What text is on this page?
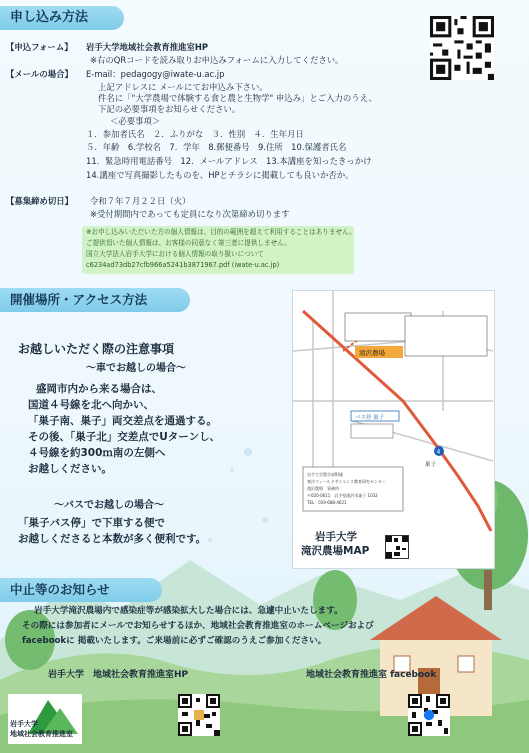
申し込み方法
【申込フォーム】 岩手大学地域社会教育推進室HP
※右のQRコードを読み取りお申込みフォームに入力してください。
【メールの場合】 E-mail：pedagogy@iwate-u.ac.jp
上記アドレスに メールにてお申込み下さい。
件名に「"大学農場で体験する食と農と生物学" 申込み」とご入力のうえ、
下記の必要事項をお知らせください。
＜必要事項＞
１．参加者氏名　２．ふりがな　３．性別　４．生年月日
５．年齢　6.学校名　7．学年　8.郵便番号　9.住所　10.保護者氏名
11．緊急時用電話番号　12．メールアドレス　13.本講座を知ったきっかけ
14.講座で写真撮影したものを、HPとチラシに掲載しても良いか否か。
【募集締め切日】 令和７年７月２２日（火）
※受付期間内であっても定員になり次第締め切ります
※お申し込みいただいた方の個人情報は、目的の範囲を超えて利用することはありません。
ご提供頂いた個人情報は、お客様の同意なく第三者に提供しません。
国立大学法人岩手大学における個人情報の取り扱いについて
c6234ad73db27cfb966a5241b3871967.pdf (iwate-u.ac.jp)
開催場所・アクセス方法
お越しいただく際の注意事項
～車でお越しの場合～
盛岡市内から来る場合は、
国道４号線を北へ向かい、
「巣子南、巣子」両交差点を通過する。
その後、「巣子北」交差点でUターンし、
４号線を約300ｍ南の左側へ
お越しください。
～バスでお越しの場合～
「巣子バス停」で下車する便で
お越しくださると本数が多く便利です。
滝沢農場
バス停 巣子
巣子
4
岩手大学農学部附属
寒冷フィールドサイエンス教育研究センター
滝沢農場　事務所
〒020-0611　岩手県滝沢市巣子 1032
TEL：019-688-4621
岩手大学
滝沢農場MAP
中止等のお知らせ
岩手大学滝沢農場内で感染症等が感染拡大した場合には、急遽中止いたします。
その際には参加者にメールでお知らせするほか、地域社会教育推進室のホームページおよび
facebookに 掲載いたします。ご来場前に必ずご確認のうえご参加ください。
岩手大学　地域社会教育推進室HP	地域社会教育推進室 facebook
岩手大学
地域社会教育推進室
